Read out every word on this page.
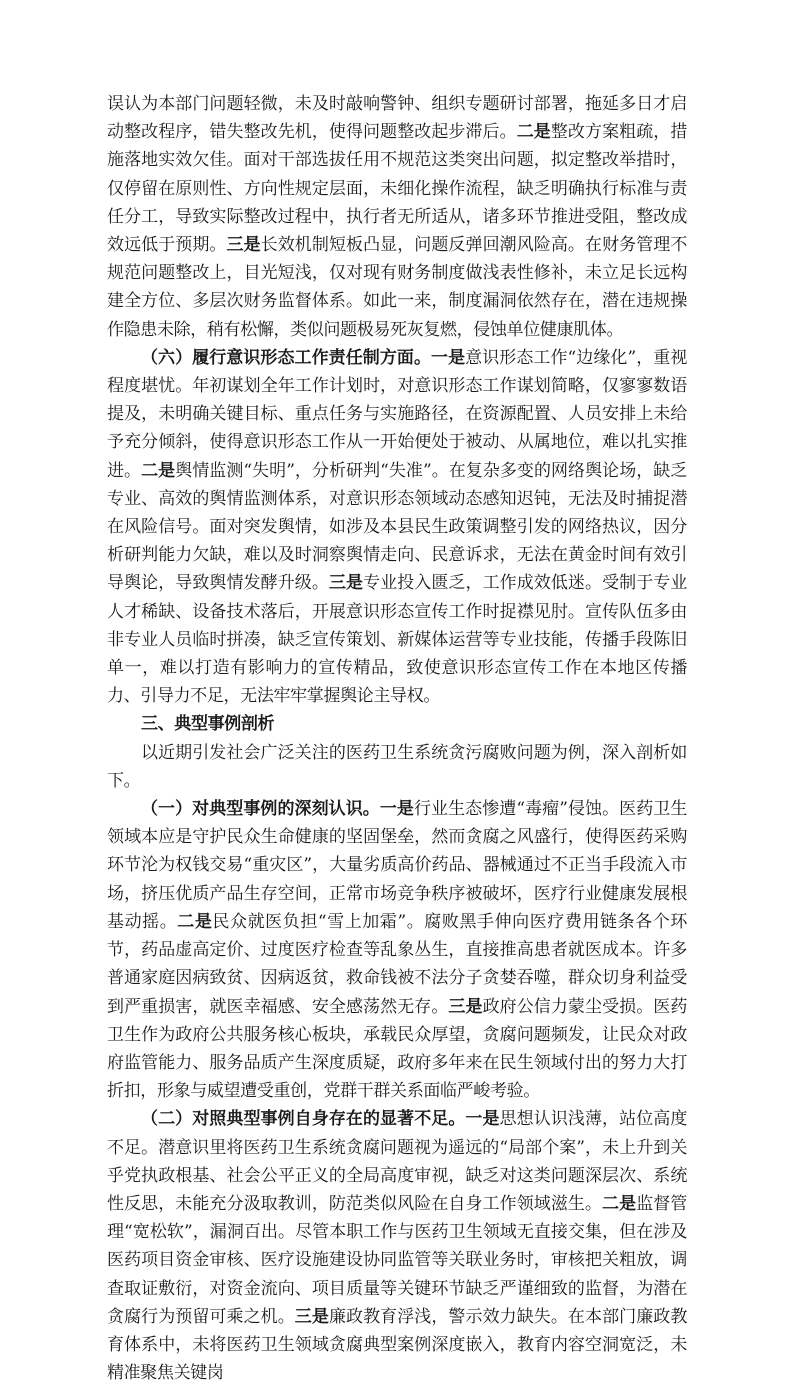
误认为本部门问题轻微，未及时敲响警钟、组织专题研讨部署，拖延多日才启动整改程序，错失整改先机，使得问题整改起步滞后。二是整改方案粗疏，措施落地实效欠佳。面对干部选拔任用不规范这类突出问题，拟定整改举措时，仅停留在原则性、方向性规定层面，未细化操作流程，缺乏明确执行标准与责任分工，导致实际整改过程中，执行者无所适从，诸多环节推进受阻，整改成效远低于预期。三是长效机制短板凸显，问题反弹回潮风险高。在财务管理不规范问题整改上，目光短浅，仅对现有财务制度做浅表性修补，未立足长远构建全方位、多层次财务监督体系。如此一来，制度漏洞依然存在，潜在违规操作隐患未除，稍有松懈，类似问题极易死灰复燃，侵蚀单位健康肌体。

（六）履行意识形态工作责任制方面。一是意识形态工作“边缘化”，重视程度堪忧。年初谋划全年工作计划时，对意识形态工作谋划简略，仅寥寥数语提及，未明确关键目标、重点任务与实施路径，在资源配置、人员安排上未给予充分倾斜，使得意识形态工作从一开始便处于被动、从属地位，难以扎实推进。二是舆情监测“失明”，分析研判“失准”。在复杂多变的网络舆论场，缺乏专业、高效的舆情监测体系，对意识形态领域动态感知迟钝，无法及时捕捉潜在风险信号。面对突发舆情，如涉及本县民生政策调整引发的网络热议，因分析研判能力欠缺，难以及时洞察舆情走向、民意诉求，无法在黄金时间有效引导舆论，导致舆情发酵升级。三是专业投入匮乏，工作成效低迷。受制于专业人才稀缺、设备技术落后，开展意识形态宣传工作时捉襟见肘。宣传队伍多由非专业人员临时拼凑，缺乏宣传策划、新媒体运营等专业技能，传播手段陈旧单一，难以打造有影响力的宣传精品，致使意识形态宣传工作在本地区传播力、引导力不足，无法牢牢掌握舆论主导权。

三、典型事例剖析

以近期引发社会广泛关注的医药卫生系统贪污腐败问题为例，深入剖析如下。

（一）对典型事例的深刻认识。一是行业生态惨遭“毒瘤”侵蚀。医药卫生领域本应是守护民众生命健康的坚固堡垒，然而贪腐之风盛行，使得医药采购环节沦为权钱交易“重灾区”，大量劣质高价药品、器械通过不正当手段流入市场，挤压优质产品生存空间，正常市场竞争秩序被破坏，医疗行业健康发展根基动摇。二是民众就医负担“雪上加霜”。腐败黑手伸向医疗费用链条各个环节，药品虚高定价、过度医疗检查等乱象丛生，直接推高患者就医成本。许多普通家庭因病致贫、因病返贫，救命钱被不法分子贪婪吞噬，群众切身利益受到严重损害，就医幸福感、安全感荡然无存。三是政府公信力蒙尘受损。医药卫生作为政府公共服务核心板块，承载民众厚望，贪腐问题频发，让民众对政府监管能力、服务品质产生深度质疑，政府多年来在民生领域付出的努力大打折扣，形象与威望遭受重创，党群干群关系面临严峻考验。

（二）对照典型事例自身存在的显著不足。一是思想认识浅薄，站位高度不足。潜意识里将医药卫生系统贪腐问题视为遥远的“局部个案”，未上升到关乎党执政根基、社会公平正义的全局高度审视，缺乏对这类问题深层次、系统性反思，未能充分汲取教训，防范类似风险在自身工作领域滋生。二是监督管理“宽松软”，漏洞百出。尽管本职工作与医药卫生领域无直接交集，但在涉及医药项目资金审核、医疗设施建设协同监管等关联业务时，审核把关粗放，调查取证敷衍，对资金流向、项目质量等关键环节缺乏严谨细致的监督，为潜在贪腐行为预留可乘之机。三是廉政教育浮浅，警示效力缺失。在本部门廉政教育体系中，未将医药卫生领域贪腐典型案例深度嵌入，教育内容空洞宽泛，未精准聚焦关键岗
